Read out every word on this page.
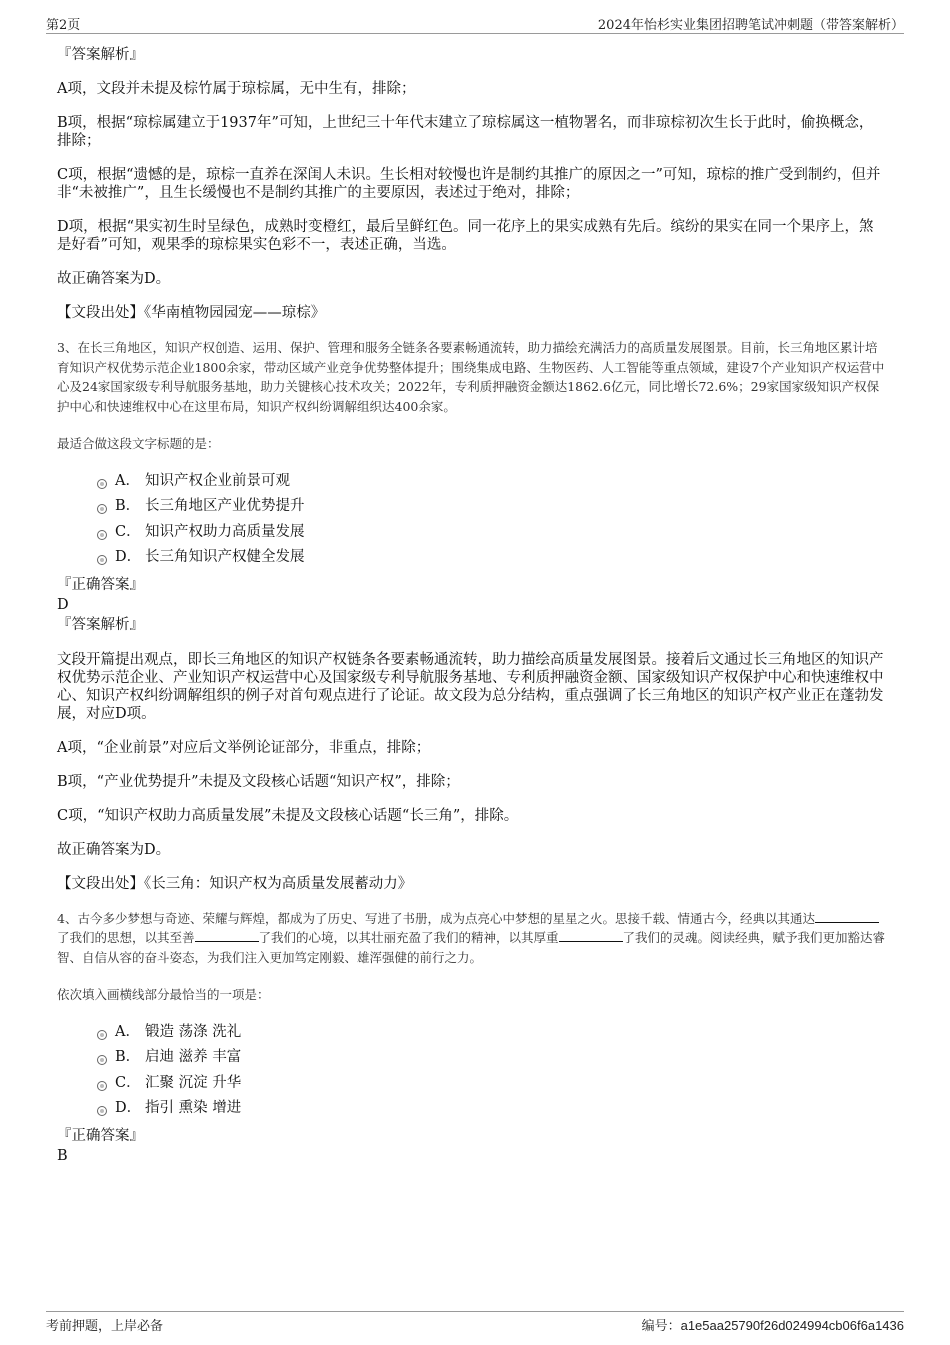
第2页	2024年怡杉实业集团招聘笔试冲刺题（带答案解析）
『答案解析』
A项，文段并未提及棕竹属于琼棕属，无中生有，排除；
B项，根据“琼棕属建立于1937年”可知，上世纪三十年代末建立了琼棕属这一植物署名，而非琼棕初次生长于此时，偷换概念，排除；
C项，根据“遗憾的是，琼棕一直养在深闺人未识。生长相对较慢也许是制约其推广的原因之一”可知，琼棕的推广受到制约，但并非“未被推广”，且生长缓慢也不是制约其推广的主要原因，表述过于绝对，排除；
D项，根据“果实初生时呈绿色，成熟时变橙红，最后呈鲜红色。同一花序上的果实成熟有先后。缤纷的果实在同一个果序上，煞是好看”可知，观果季的琼棕果实色彩不一，表述正确，当选。
故正确答案为D。
【文段出处】《华南植物园园宠——琼棕》
3、在长三角地区，知识产权创造、运用、保护、管理和服务全链条各要素畅通流转，助力描绘充满活力的高质量发展图景。目前，长三角地区累计培育知识产权优势示范企业1800余家，带动区域产业竞争优势整体提升；围绕集成电路、生物医药、人工智能等重点领域，建设7个产业知识产权运营中心及24家国家级专利导航服务基地，助力关键核心技术攻关；2022年，专利质押融资金额达1862.6亿元，同比增长72.6%；29家国家级知识产权保护中心和快速维权中心在这里布局，知识产权纠纷调解组织达400余家。
最适合做这段文字标题的是：
A． 知识产权企业前景可观
B． 长三角地区产业优势提升
C． 知识产权助力高质量发展
D． 长三角知识产权健全发展
『正确答案』
D
『答案解析』
文段开篇提出观点，即长三角地区的知识产权链条各要素畅通流转，助力描绘高质量发展图景。接着后文通过长三角地区的知识产权优势示范企业、产业知识产权运营中心及国家级专利导航服务基地、专利质押融资金额、国家级知识产权保护中心和快速维权中心、知识产权纠纷调解组织的例子对首句观点进行了论证。故文段为总分结构，重点强调了长三角地区的知识产权产业正在蓬勃发展，对应D项。
A项，“企业前景”对应后文举例论证部分，非重点，排除；
B项，“产业优势提升”未提及文段核心话题“知识产权”，排除；
C项，“知识产权助力高质量发展”未提及文段核心话题“长三角”，排除。
故正确答案为D。
【文段出处】《长三角：知识产权为高质量发展蓄动力》
4、古今多少梦想与奇迹、荣耀与辉煌，都成为了历史、写进了书册，成为点亮心中梦想的星星之火。思接千载、情通古今，经典以其通达了我们的思想，以其至善	了我们的心境，以其壮丽充盈了我们的精神，以其厚重	了我们的灵魂。阅读经典，赋予我们更加豁达睿智、自信从容的奋斗姿态，为我们注入更加笃定刚毅、雄浑强健的前行之力。
依次填入画横线部分最恰当的一项是：
A． 锻造 荡涤 洗礼
B． 启迪 滋养 丰富
C． 汇聚 沉淀 升华
D． 指引 熏染 增进
『正确答案』
B
考前押题，上岸必备	编号：a1e5aa25790f26d024994cb06f6a1436
